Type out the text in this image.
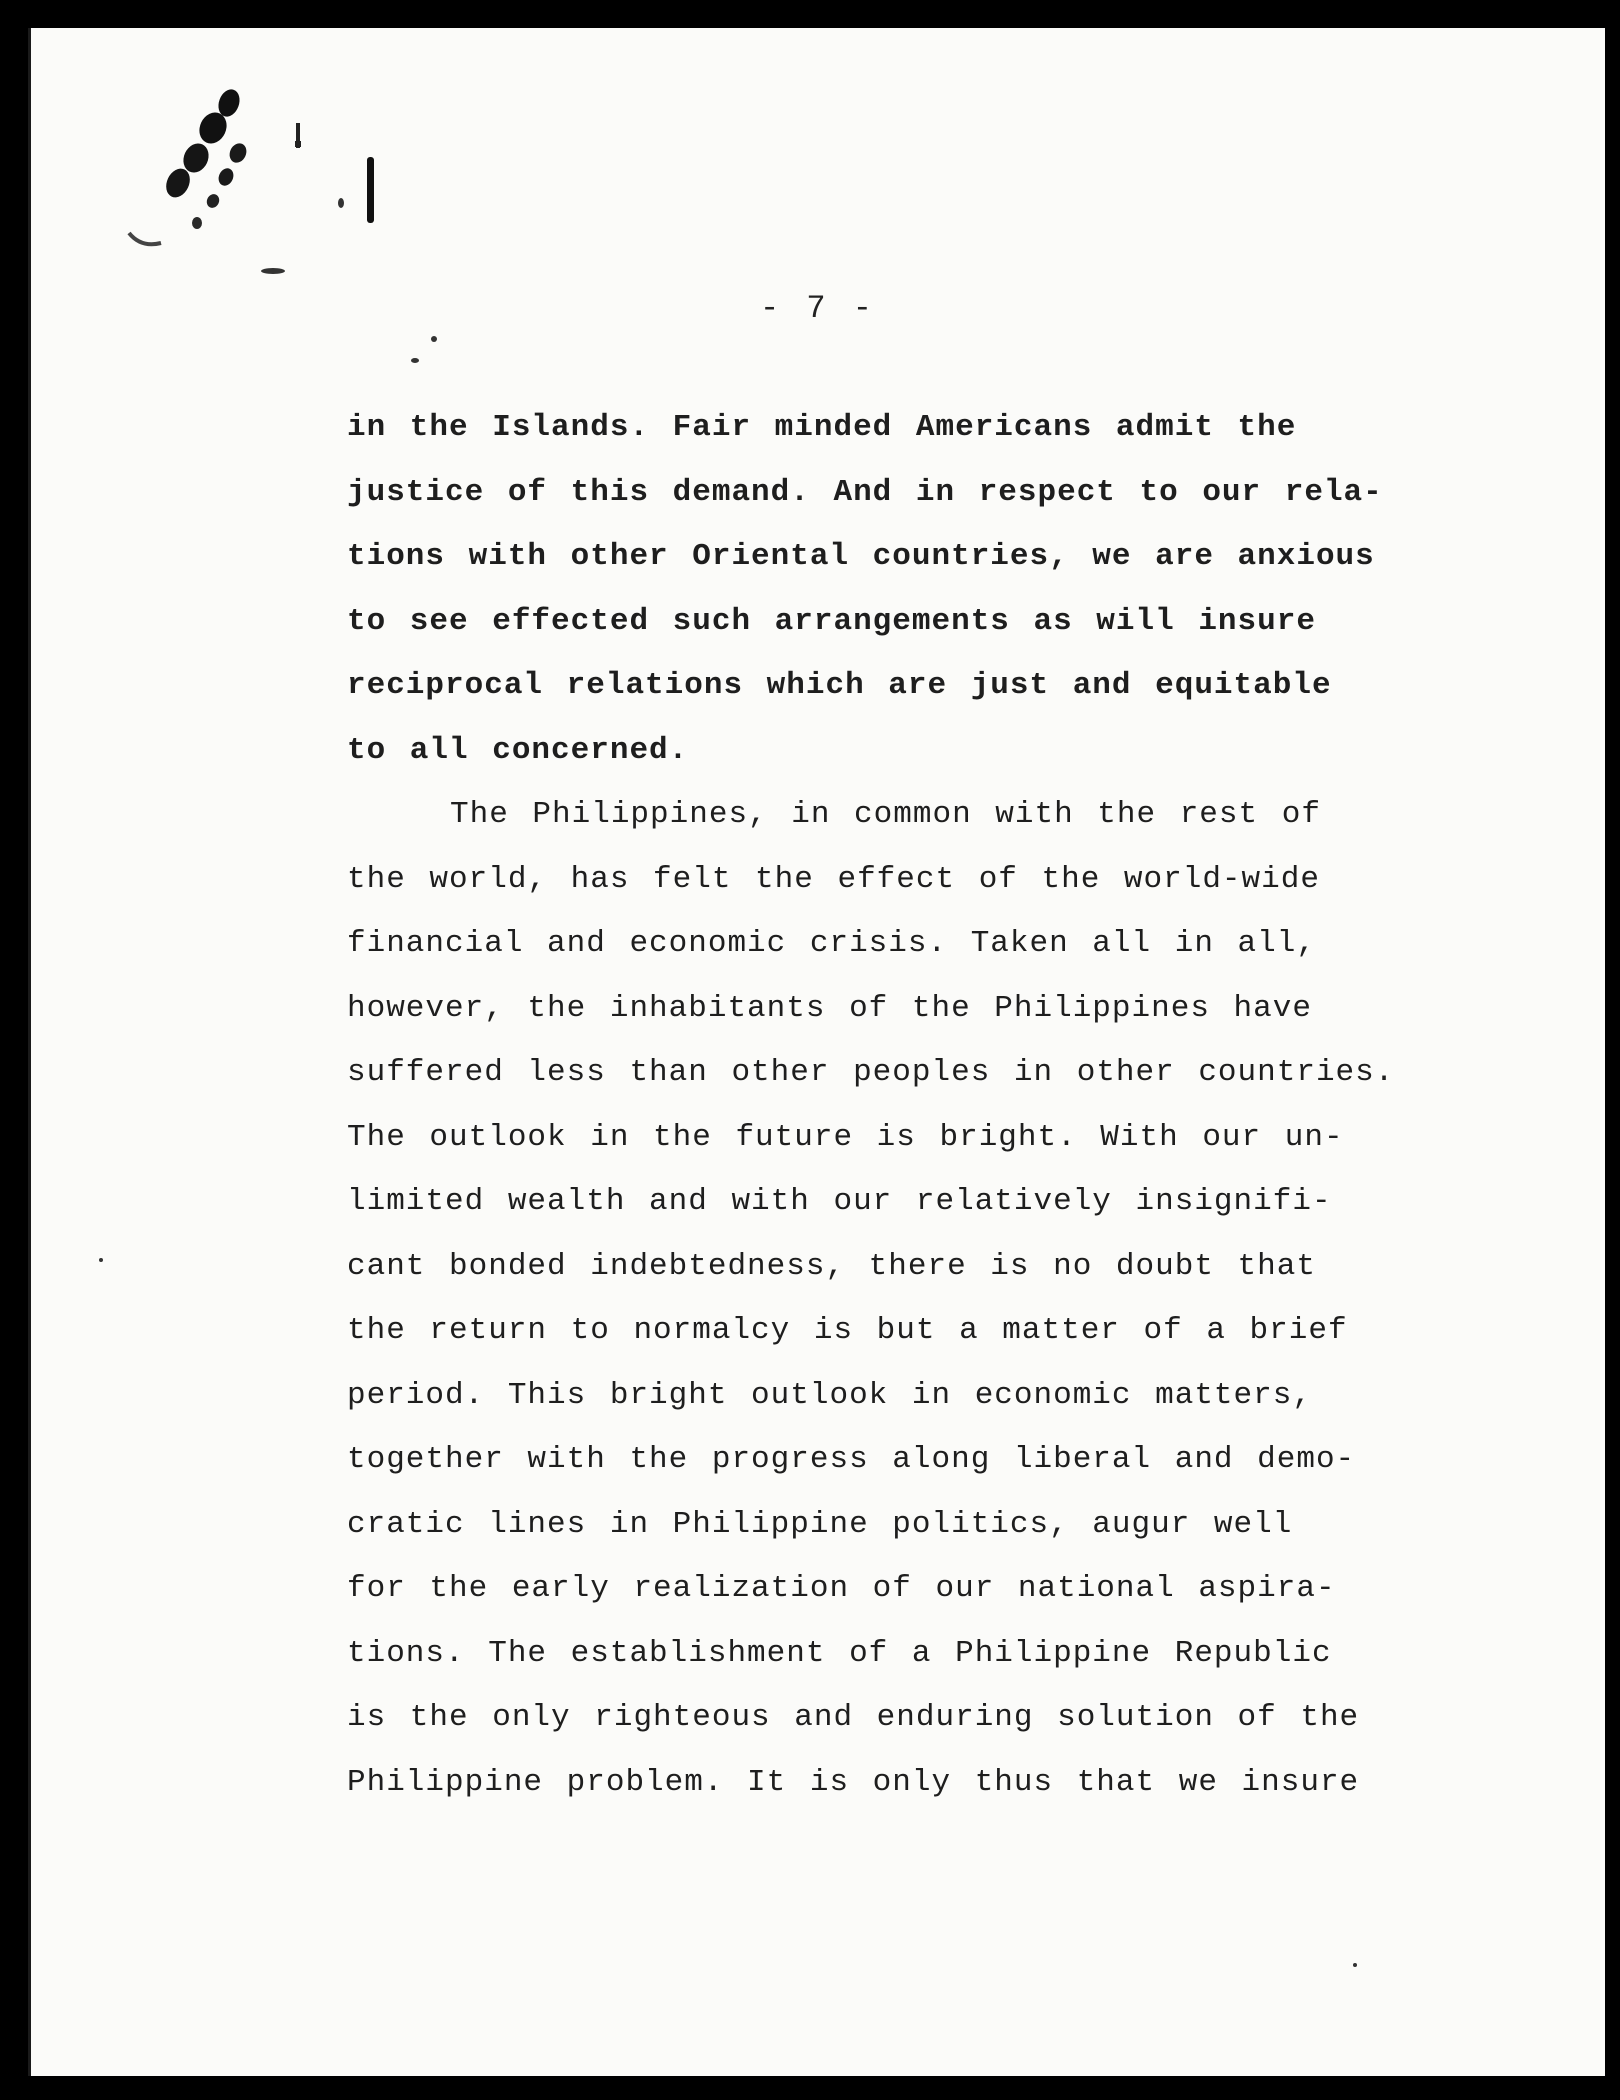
- 7 -
in the Islands. Fair minded Americans admit the
justice of this demand. And in respect to our rela-
tions with other Oriental countries, we are anxious
to see effected such arrangements as will insure
reciprocal relations which are just and equitable
to all concerned.
The Philippines, in common with the rest of
the world, has felt the effect of the world-wide
financial and economic crisis. Taken all in all,
however, the inhabitants of the Philippines have
suffered less than other peoples in other countries.
The outlook in the future is bright. With our un-
limited wealth and with our relatively insignifi-
cant bonded indebtedness, there is no doubt that
the return to normalcy is but a matter of a brief
period. This bright outlook in economic matters,
together with the progress along liberal and demo-
cratic lines in Philippine politics, augur well
for the early realization of our national aspira-
tions. The establishment of a Philippine Republic
is the only righteous and enduring solution of the
Philippine problem. It is only thus that we insure
